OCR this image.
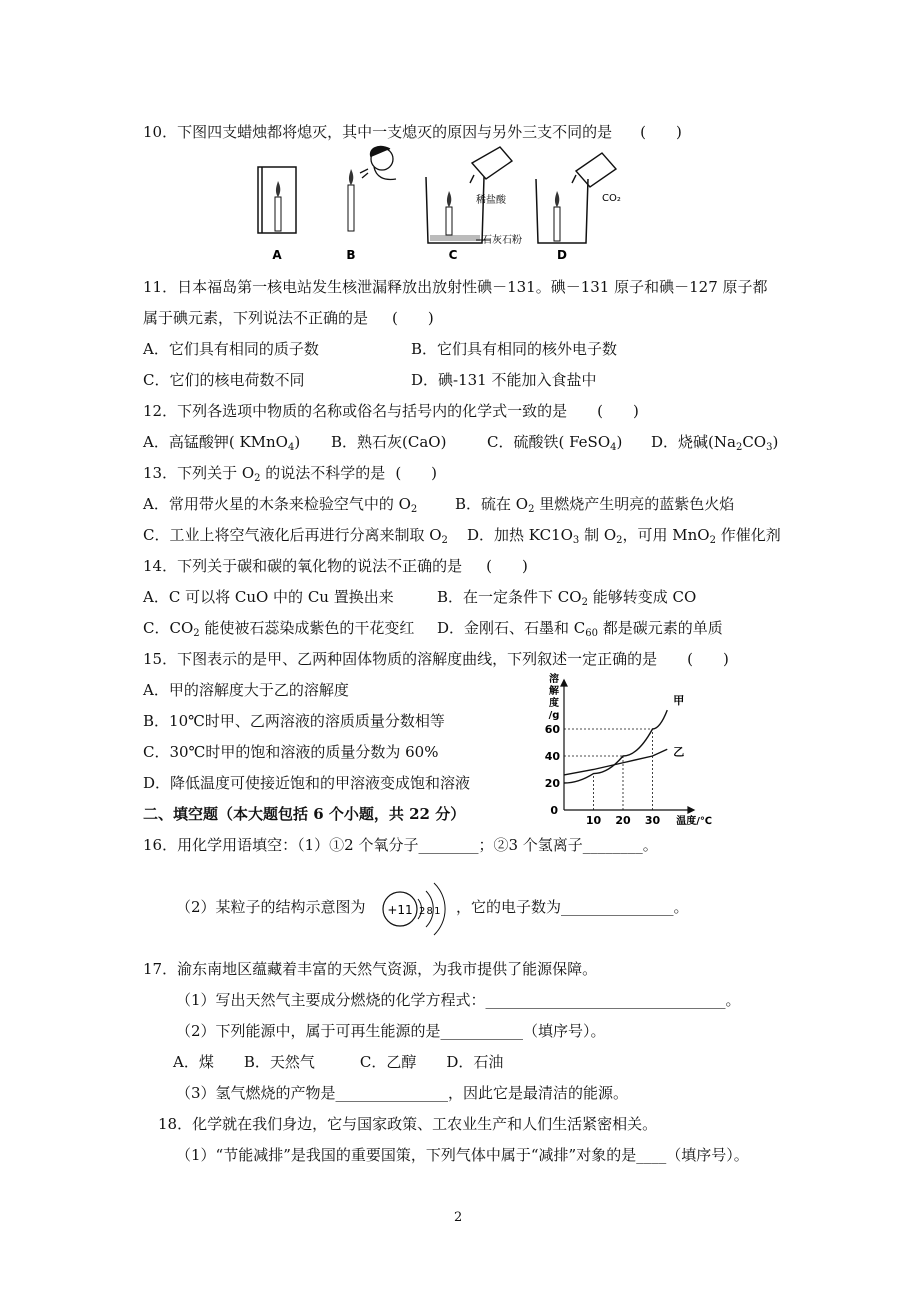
10．下图四支蜡烛都将熄灭，其中一支熄灭的原因与另外三支不同的是 (　　)
稀盐酸
石灰石粉
CO₂
A	B	C	D
11．日本福岛第一核电站发生核泄漏释放出放射性碘－131。碘－131 原子和碘－127 原子都
属于碘元素，下列说法不正确的是 (　　)
A．它们具有相同的质子数	B．它们具有相同的核外电子数
C．它们的核电荷数不同	D．碘-131 不能加入食盐中
12．下列各选项中物质的名称或俗名与括号内的化学式一致的是 (　　)
A．高锰酸钾( KMnO$_4$) B．熟石灰(CaO)	C．硫酸铁( FeSO$_4$) D．烧碱$(Na_2CO_3)$
13．下列关于 $O_2$ 的说法不科学的是 (　　)
A．常用带火星的木条来检验空气中的 $O_2$	B．硫在 $O_2$ 里燃烧产生明亮的蓝紫色火焰
C．工业上将空气液化后再进行分离来制取 $O_2$ D．加热 $KC1O_3$ 制 $O_2$，可用 MnO$_2$ 作催化剂
14．下列关于碳和碳的氧化物的说法不正确的是 (　　)
A．C 可以将 CuO 中的 Cu 置换出来	B．在一定条件下 $CO_2$ 能够转变成 CO
C．$CO_2$ 能使被石蕊染成紫色的干花变红 D．金刚石、石墨和 $C_{60}$ 都是碳元素的单质
15．下图表示的是甲、乙两种固体物质的溶解度曲线，下列叙述一定正确的是 (　　)
A．甲的溶解度大于乙的溶解度
B．10℃时甲、乙两溶液的溶质质量分数相等
C．30℃时甲的饱和溶液的质量分数为 60%
D．降低温度可使接近饱和的甲溶液变成饱和溶液
溶
解
度
/g
20
40
60
10 20 30
0
温度/℃
甲
乙
二、填空题（本大题包括 6 个小题，共 22 分）
16．用化学用语填空：（1）①2 个氧分子________；②3 个氢离子________。
（2）某粒子的结构示意图为 +11 2 8 1 ，它的电子数为_______________。
17．渝东南地区蕴藏着丰富的天然气资源，为我市提供了能源保障。
（1）写出天然气主要成分燃烧的化学方程式：________________________________。
（2）下列能源中，属于可再生能源的是___________（填序号）。
A．煤　　B．天然气　　　C．乙醇　　D．石油
（3）氢气燃烧的产物是_______________，因此它是最清洁的能源。
18．化学就在我们身边，它与国家政策、工农业生产和人们生活紧密相关。
（1）“节能减排”是我国的重要国策，下列气体中属于“减排”对象的是____（填序号）。
2
